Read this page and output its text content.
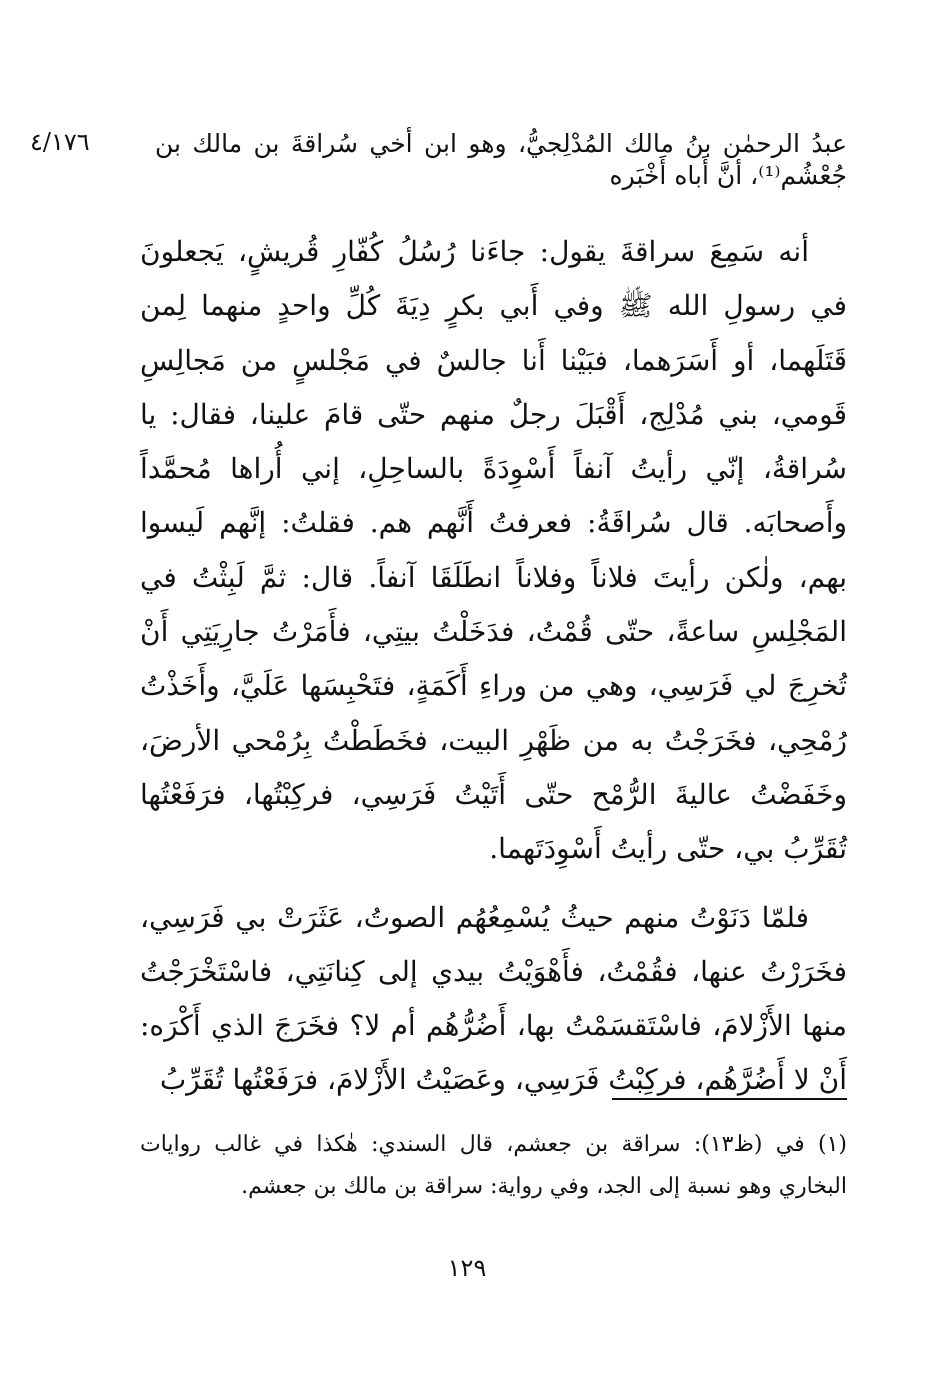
٤/١٧٦	عبدُ الرحمٰن بنُ مالك المُدْلِجيُّ، وهو ابن أخي سُراقةَ بن مالك بن جُعْشُم⁽¹⁾، أنَّ أَباه أَخْبَره

أنه سَمِعَ سراقةَ يقول: جاءَنا رُسُلُ كُفّارِ قُريشٍ، يَجعلونَ في رسولِ الله ﷺ وفي أَبي بكرٍ دِيَةَ كُلِّ واحدٍ منهما لِمن قَتَلَهما، أو أَسَرَهما، فبَيْنا أَنا جالسٌ في مَجْلسٍ من مَجالِسِ قَومي، بني مُدْلِج، أَقْبَلَ رجلٌ منهم حتّى قامَ علينا، فقال: يا سُراقةُ، إنّي رأيتُ آنفاً أَسْوِدَةً بالساحِلِ، إني أُراها مُحمَّداً وأَصحابَه. قال سُراقَةُ: فعرفتُ أَنَّهم هم. فقلتُ: إنَّهم لَيسوا بهم، ولٰكن رأيتَ فلاناً وفلاناً انطَلَقَا آنفاً. قال: ثمَّ لَبِثْتُ في المَجْلِسِ ساعةً، حتّى قُمْتُ، فدَخَلْتُ بيتِي، فأَمَرْتُ جارِيَتِي أَنْ تُخرِجَ لي فَرَسِي، وهي من وراءِ أَكَمَةٍ، فتَحْبِسَها عَلَيَّ، وأَخَذْتُ رُمْحِي، فخَرَجْتُ به من ظَهْرِ البيت، فخَطَطْتُ بِرُمْحي الأرضَ، وخَفَضْتُ عاليةَ الرُّمْح حتّى أَتَيْتُ فَرَسِي، فركِبْتُها، فرَفَعْتُها تُقَرِّبُ بي، حتّى رأيتُ أَسْوِدَتَهما.

فلمّا دَنَوْتُ منهم حيثُ يُسْمِعُهُم الصوتُ، عَثَرَتْ بي فَرَسِي، فخَرَرْتُ عنها، فقُمْتُ، فأَهْوَيْتُ بيدي إلى كِنانَتِي، فاسْتَخْرَجْتُ منها الأَزْلامَ، فاسْتَقسَمْتُ بها، أَضُرُّهُم أم لا؟ فخَرَجَ الذي أَكْرَه: أَنْ لا أَضُرَّهُم، فركِبْتُ فَرَسِي، وعَصَيْتُ الأَزْلامَ، فرَفَعْتُها تُقَرِّبُ

(١) في (ظ١٣): سراقة بن جعشم، قال السندي: هٰكذا في غالب روايات البخاري وهو نسبة إلى الجد، وفي رواية: سراقة بن مالك بن جعشم.

١٢٩
